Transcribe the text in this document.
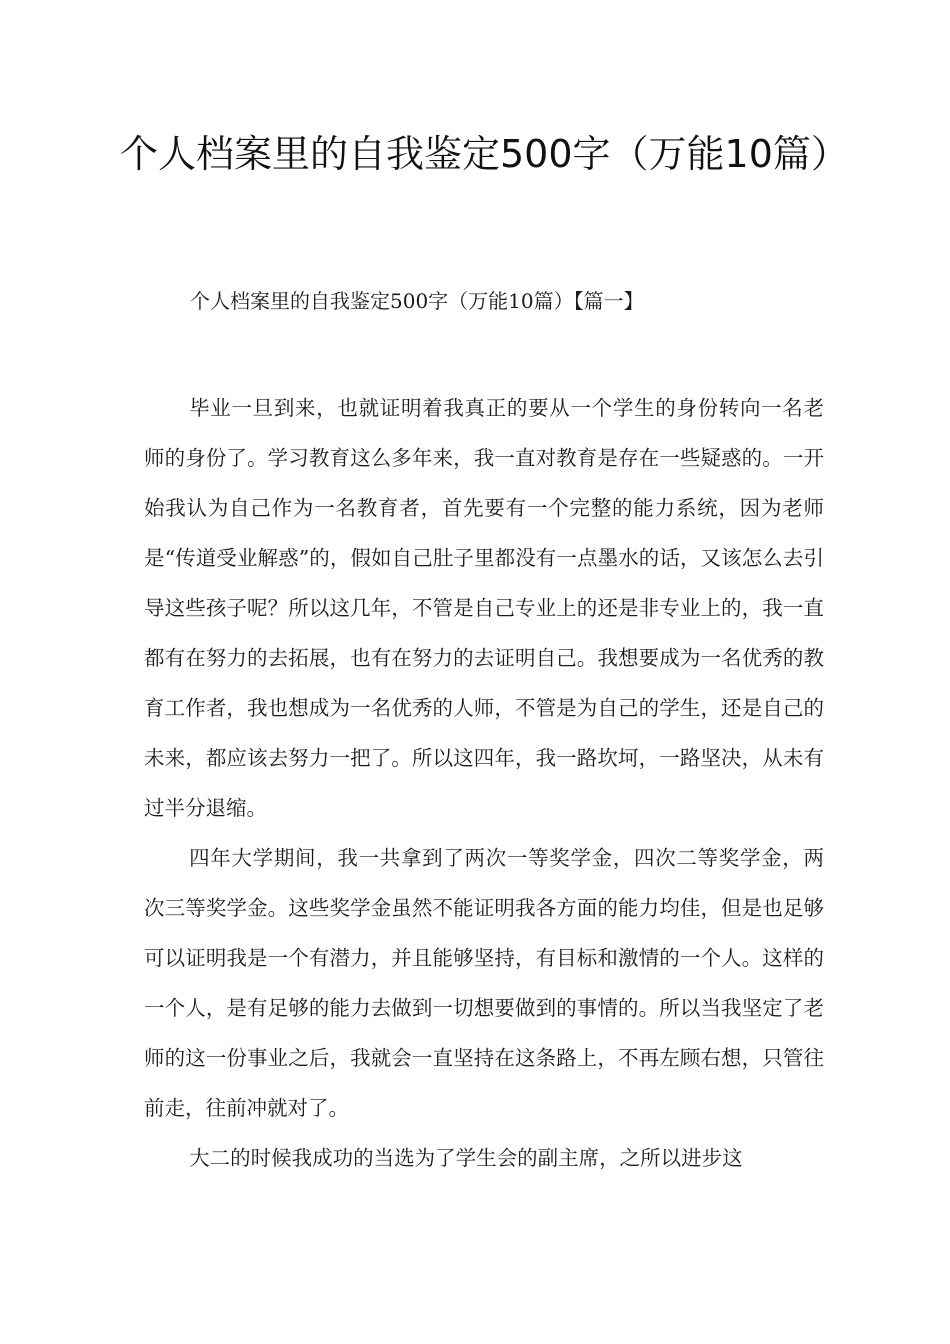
个人档案里的自我鉴定500字（万能10篇）

个人档案里的自我鉴定500字（万能10篇）【篇一】

毕业一旦到来，也就证明着我真正的要从一个学生的身份转向一名老师的身份了。学习教育这么多年来，我一直对教育是存在一些疑惑的。一开始我认为自己作为一名教育者，首先要有一个完整的能力系统，因为老师是“传道受业解惑”的，假如自己肚子里都没有一点墨水的话，又该怎么去引导这些孩子呢？所以这几年，不管是自己专业上的还是非专业上的，我一直都有在努力的去拓展，也有在努力的去证明自己。我想要成为一名优秀的教育工作者，我也想成为一名优秀的人师，不管是为自己的学生，还是自己的未来，都应该去努力一把了。所以这四年，我一路坎坷，一路坚决，从未有过半分退缩。

四年大学期间，我一共拿到了两次一等奖学金，四次二等奖学金，两次三等奖学金。这些奖学金虽然不能证明我各方面的能力均佳，但是也足够可以证明我是一个有潜力，并且能够坚持，有目标和激情的一个人。这样的一个人，是有足够的能力去做到一切想要做到的事情的。所以当我坚定了老师的这一份事业之后，我就会一直坚持在这条路上，不再左顾右想，只管往前走，往前冲就对了。

大二的时候我成功的当选为了学生会的副主席，之所以进步这
